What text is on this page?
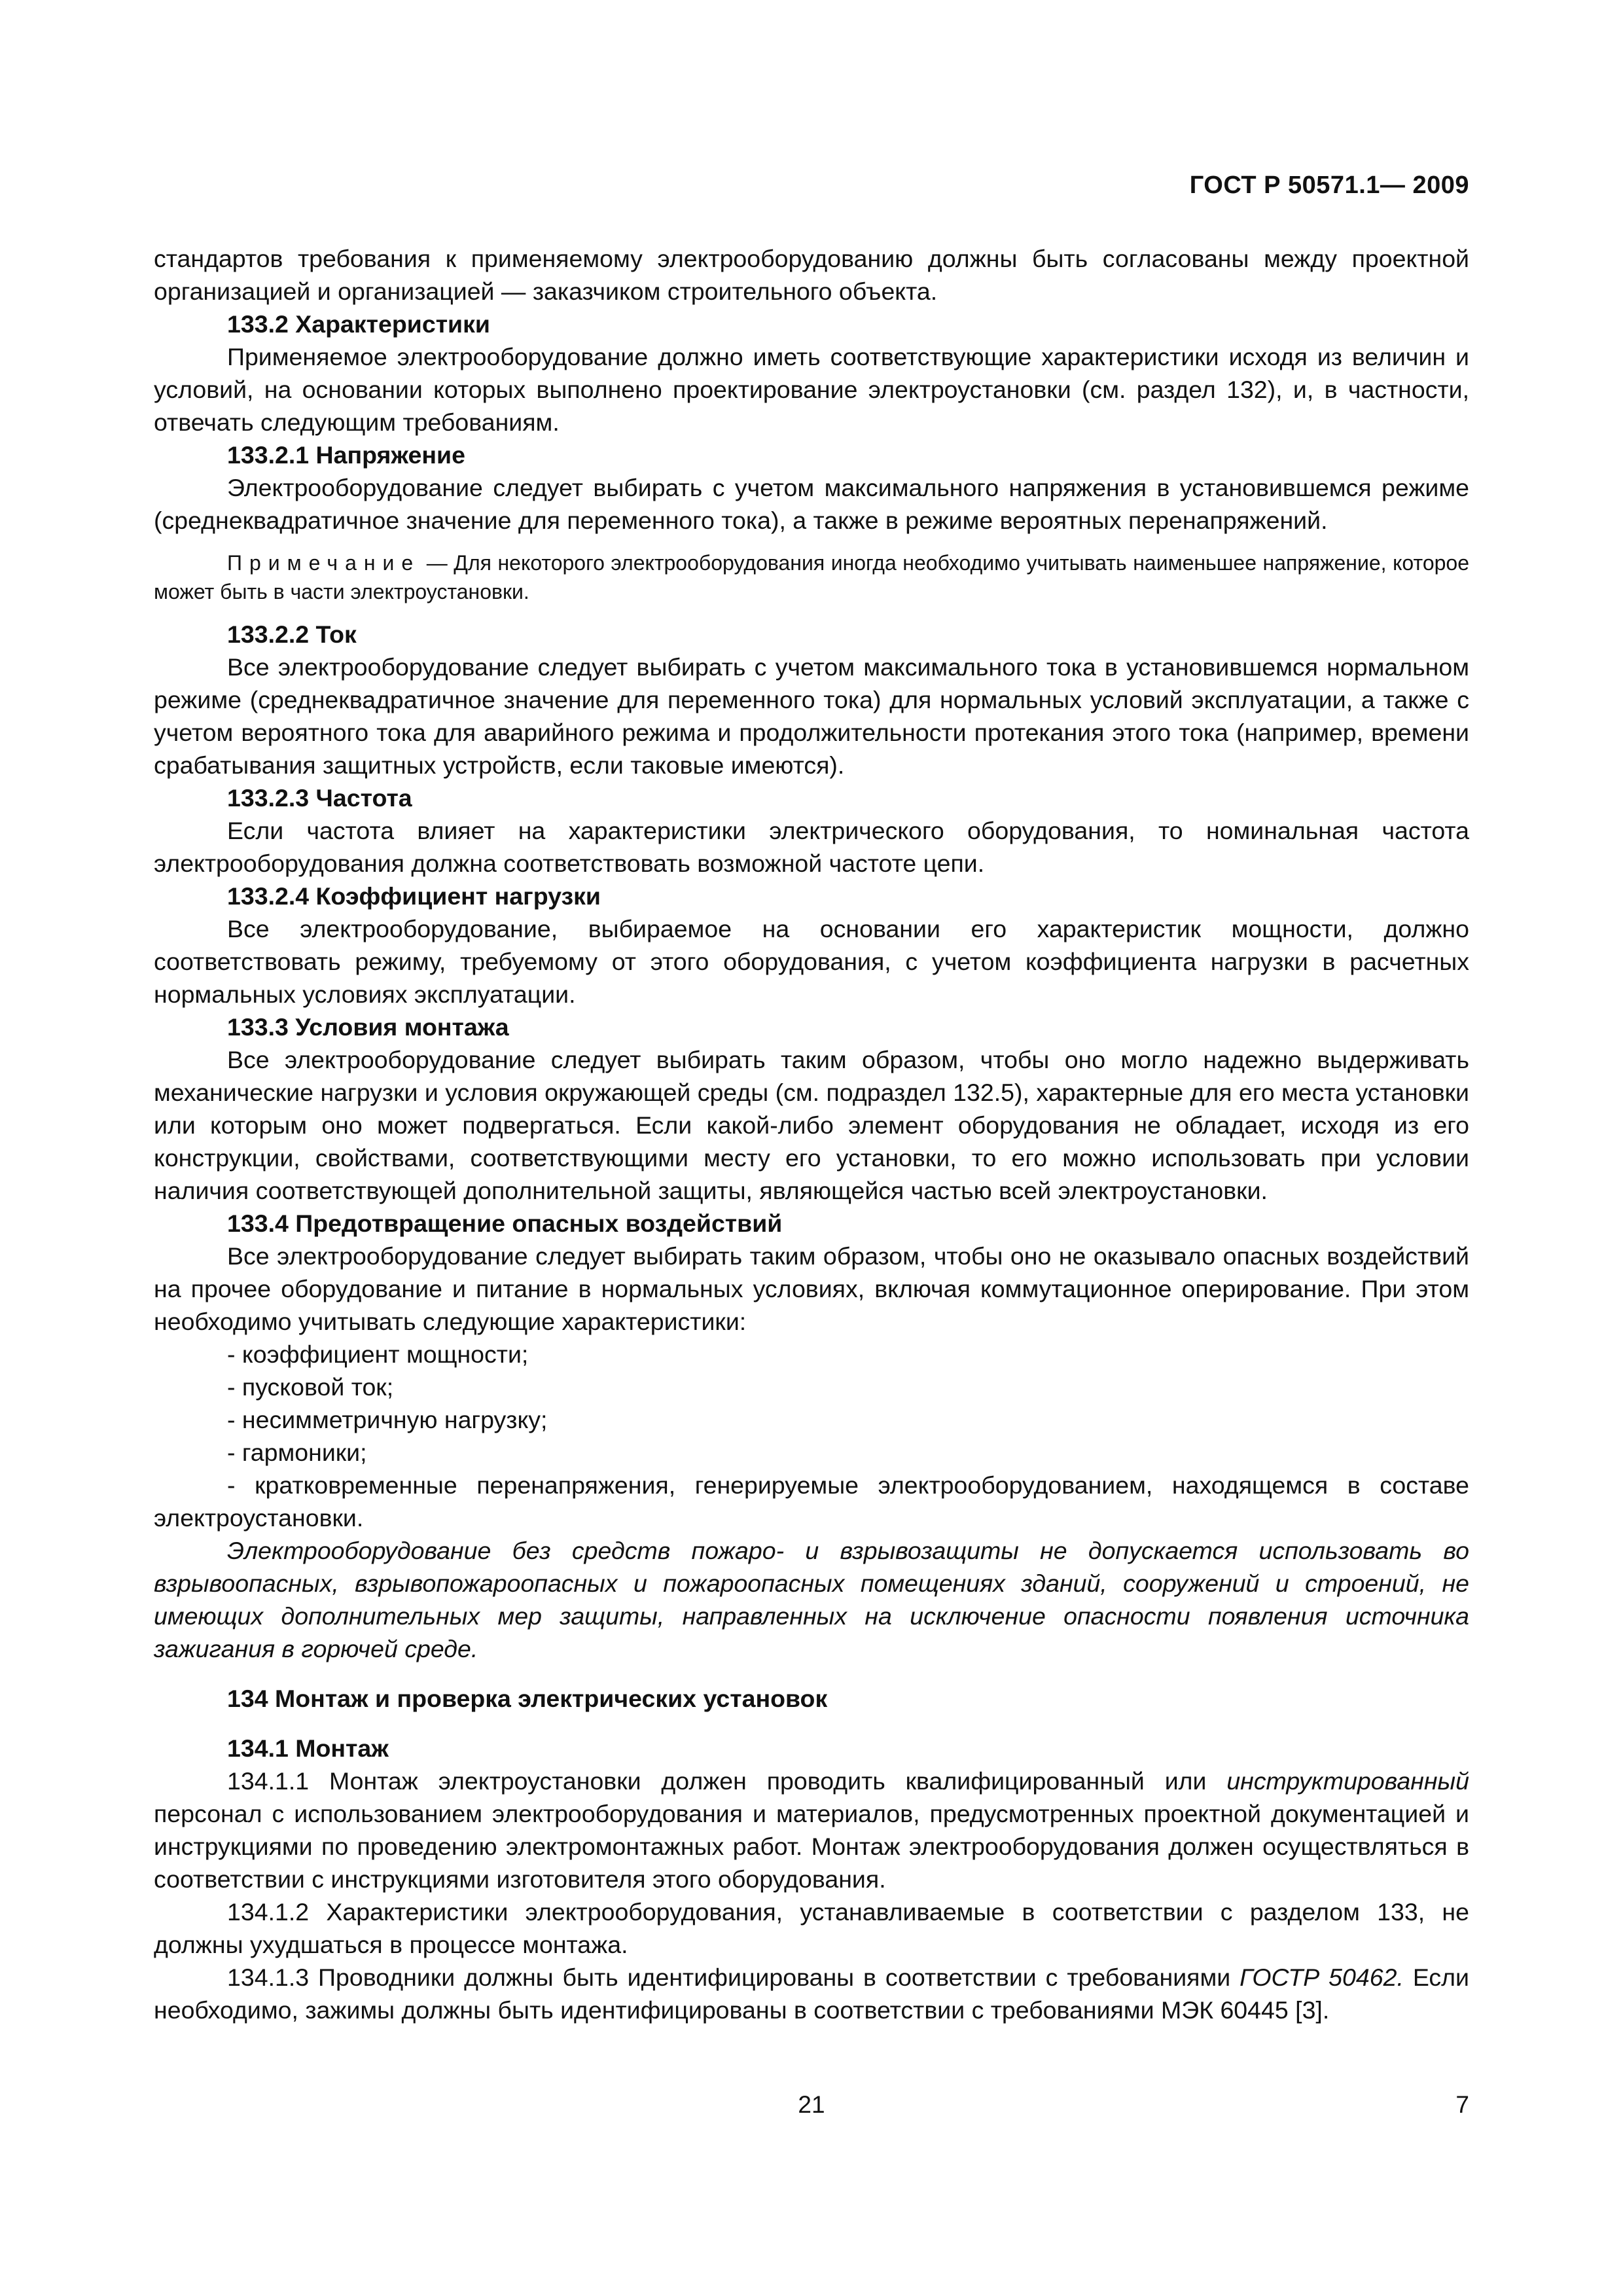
ГОСТ Р 50571.1— 2009

стандартов требования к применяемому электрооборудованию должны быть согласованы между проектной организацией и организацией — заказчиком строительного объекта.

133.2 Характеристики

Применяемое электрооборудование должно иметь соответствующие характеристики исходя из величин и условий, на основании которых выполнено проектирование электроустановки (см. раздел 132), и, в частности, отвечать следующим требованиям.

133.2.1 Напряжение

Электрооборудование следует выбирать с учетом максимального напряжения в установившемся режиме (среднеквадратичное значение для переменного тока), а также в режиме вероятных перенапряжений.

Примечание — Для некоторого электрооборудования иногда необходимо учитывать наименьшее напряжение, которое может быть в части электроустановки.

133.2.2 Ток

Все электрооборудование следует выбирать с учетом максимального тока в установившемся нормальном режиме (среднеквадратичное значение для переменного тока) для нормальных условий эксплуатации, а также с учетом вероятного тока для аварийного режима и продолжительности протекания этого тока (например, времени срабатывания защитных устройств, если таковые имеются).

133.2.3 Частота

Если частота влияет на характеристики электрического оборудования, то номинальная частота электрооборудования должна соответствовать возможной частоте цепи.

133.2.4 Коэффициент нагрузки

Все электрооборудование, выбираемое на основании его характеристик мощности, должно соответствовать режиму, требуемому от этого оборудования, с учетом коэффициента нагрузки в расчетных нормальных условиях эксплуатации.

133.3 Условия монтажа

Все электрооборудование следует выбирать таким образом, чтобы оно могло надежно выдерживать механические нагрузки и условия окружающей среды (см. подраздел 132.5), характерные для его места установки или которым оно может подвергаться. Если какой-либо элемент оборудования не обладает, исходя из его конструкции, свойствами, соответствующими месту его установки, то его можно использовать при условии наличия соответствующей дополнительной защиты, являющейся частью всей электроустановки.

133.4 Предотвращение опасных воздействий

Все электрооборудование следует выбирать таким образом, чтобы оно не оказывало опасных воздействий на прочее оборудование и питание в нормальных условиях, включая коммутационное оперирование. При этом необходимо учитывать следующие характеристики:

- коэффициент мощности;
- пусковой ток;
- несимметричную нагрузку;
- гармоники;
- кратковременные перенапряжения, генерируемые электрооборудованием, находящемся в составе электроустановки.

Электрооборудование без средств пожаро- и взрывозащиты не допускается использовать во взрывоопасных, взрывопожароопасных и пожароопасных помещениях зданий, сооружений и строений, не имеющих дополнительных мер защиты, направленных на исключение опасности появления источника зажигания в горючей среде.

134 Монтаж и проверка электрических установок
134.1 Монтаж

134.1.1 Монтаж электроустановки должен проводить квалифицированный или инструктированный персонал с использованием электрооборудования и материалов, предусмотренных проектной документацией и инструкциями по проведению электромонтажных работ. Монтаж электрооборудования должен осуществляться в соответствии с инструкциями изготовителя этого оборудования.

134.1.2 Характеристики электрооборудования, устанавливаемые в соответствии с разделом 133, не должны ухудшаться в процессе монтажа.

134.1.3 Проводники должны быть идентифицированы в соответствии с требованиями ГОСТР 50462. Если необходимо, зажимы должны быть идентифицированы в соответствии с требованиями МЭК 60445 [3].

21	7
